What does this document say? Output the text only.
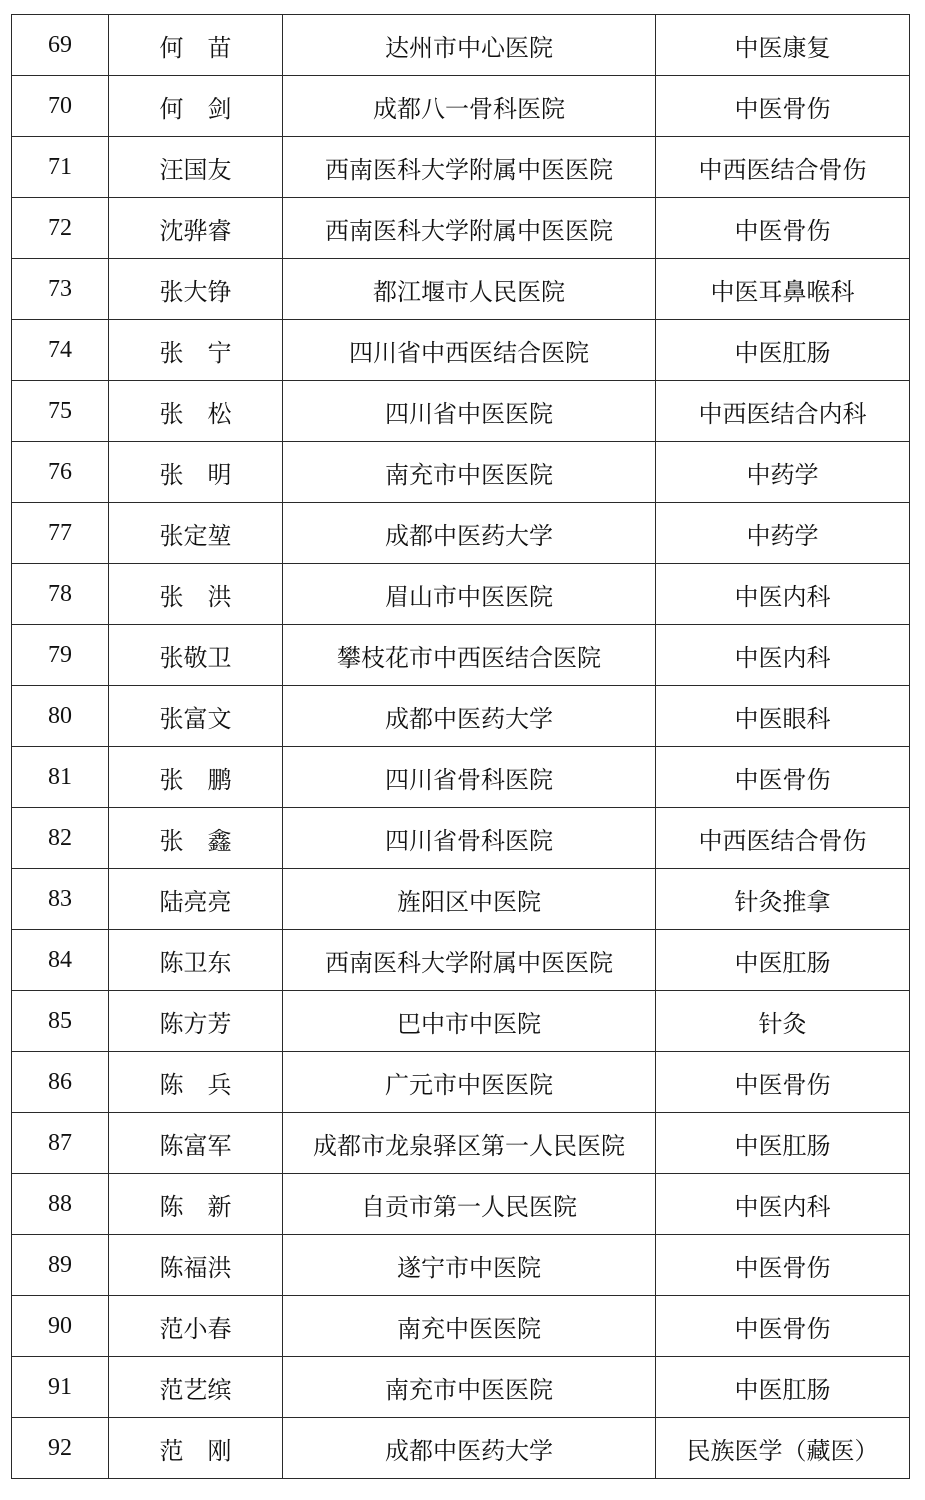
69	何　苗	达州市中心医院	中医康复
70	何　剑	成都八一骨科医院	中医骨伤
71	汪国友	西南医科大学附属中医医院	中西医结合骨伤
72	沈骅睿	西南医科大学附属中医医院	中医骨伤
73	张大铮	都江堰市人民医院	中医耳鼻喉科
74	张　宁	四川省中西医结合医院	中医肛肠
75	张　松	四川省中医医院	中西医结合内科
76	张　明	南充市中医医院	中药学
77	张定堃	成都中医药大学	中药学
78	张　洪	眉山市中医医院	中医内科
79	张敬卫	攀枝花市中西医结合医院	中医内科
80	张富文	成都中医药大学	中医眼科
81	张　鹏	四川省骨科医院	中医骨伤
82	张　鑫	四川省骨科医院	中西医结合骨伤
83	陆亮亮	旌阳区中医院	针灸推拿
84	陈卫东	西南医科大学附属中医医院	中医肛肠
85	陈方芳	巴中市中医院	针灸
86	陈　兵	广元市中医医院	中医骨伤
87	陈富军	成都市龙泉驿区第一人民医院	中医肛肠
88	陈　新	自贡市第一人民医院	中医内科
89	陈福洪	遂宁市中医院	中医骨伤
90	范小春	南充中医医院	中医骨伤
91	范艺缤	南充市中医医院	中医肛肠
92	范　刚	成都中医药大学	民族医学（藏医）
